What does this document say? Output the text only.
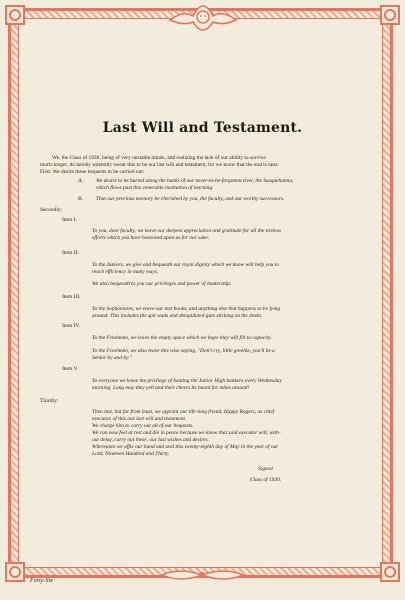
Last Will and Testament.
We, the Class of 1930, being of very unstable minds, and realizing the lack of our ability to survive
much longer, do hereby solemnly swear this to be our last will and testament, for we know that the end is near.
First: We desire these bequests to be carried out:
A. We desire to be buried along the banks of our never-to-be-forgotten river, the Susquehanna,
which flows past this venerable institution of learning.
B. That our precious memory be cherished by you, the faculty, and our worthy successors.
Secondly:
Item I.
To you, dear faculty, we leave our deepest appreciation and gratitude for all the tireless
efforts which you have bestowed upon us for our sake.
Item II.
To the Juniors, we give and bequeath our royal dignity which we know will help you to
reach efficiency in many ways.
We also bequeath to you our privileges and power of leadership.
Item III.
To the Sophomores, we leave our text books, and anything else that happens to be lying
around. This includes the spit wads and delapidated gum sticking on the desks.
Item IV.
To the Freshmen, we leave the empty space which we hope they will fill to capacity.
To the Freshmen, we also leave this wise saying, "Don't cry, little greenie, you'll be a
Senior by and by."
Item V.
To everyone we leave the privilege of beating the Junior High bankers every Wednesday
morning. Long may they yell and their cheers be heard for miles around!
Thirdly:
Then last, but far from least, we appoint our life-long friend, Happy Rogers, as chief
executor, of this our last will and testament.
We charge him to carry out all of our bequests.
We can now feel at rest and die in peace because we know that said executor will, with-
out delay, carry out these, our last wishes and desires.
Whereunto we affix our hand and seal this twenty-eighth day of May in the year of our
Lord, Nineteen Hundred and Thirty.
Signed
Class of 1930.
Forty-Six
